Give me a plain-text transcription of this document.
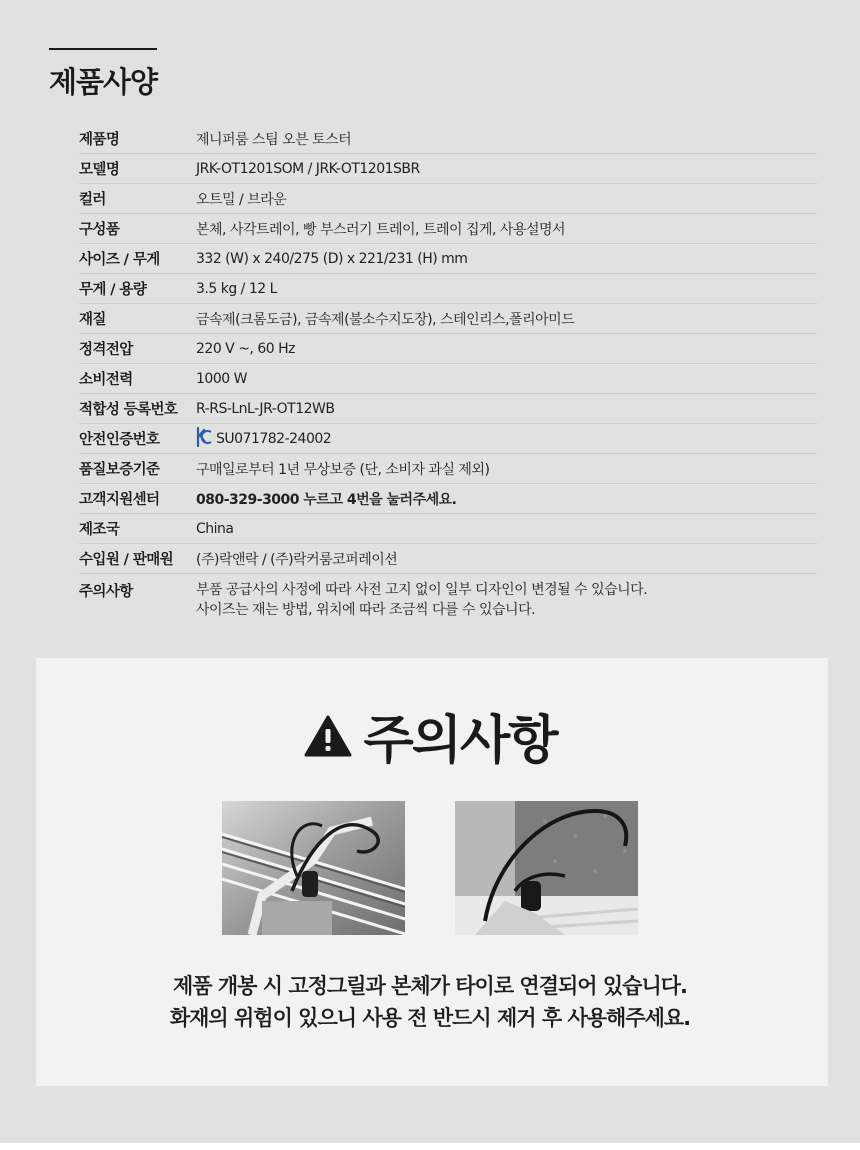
제품사양
제품명	제니퍼룸 스팀 오븐 토스터
모델명	JRK-OT1201SOM / JRK-OT1201SBR
컬러	오트밀 / 브라운
구성품	본체, 사각트레이, 빵 부스러기 트레이, 트레이 집게, 사용설명서
사이즈 / 무게	332 (W) x 240/275 (D) x 221/231 (H) mm
무게 / 용량	3.5 kg / 12 L
재질	금속제(크롬도금), 금속제(불소수지도장), 스테인리스,폴리아미드
정격전압	220 V ~, 60 Hz
소비전력	1000 W
적합성 등록번호	R-RS-LnL-JR-OT12WB
안전인증번호	SU071782-24002
품질보증기준	구매일로부터 1년 무상보증 (단, 소비자 과실 제외)
고객지원센터	080-329-3000 누르고 4번을 눌러주세요.
제조국	China
수입원 / 판매원	(주)락앤락 / (주)락커룸코퍼레이션
주의사항	부품 공급사의 사정에 따라 사전 고지 없이 일부 디자인이 변경될 수 있습니다.
사이즈는 재는 방법, 위치에 따라 조금씩 다를 수 있습니다.
주의사항

제품 개봉 시 고정그릴과 본체가 타이로 연결되어 있습니다.

화재의 위험이 있으니 사용 전 반드시 제거 후 사용해주세요.
